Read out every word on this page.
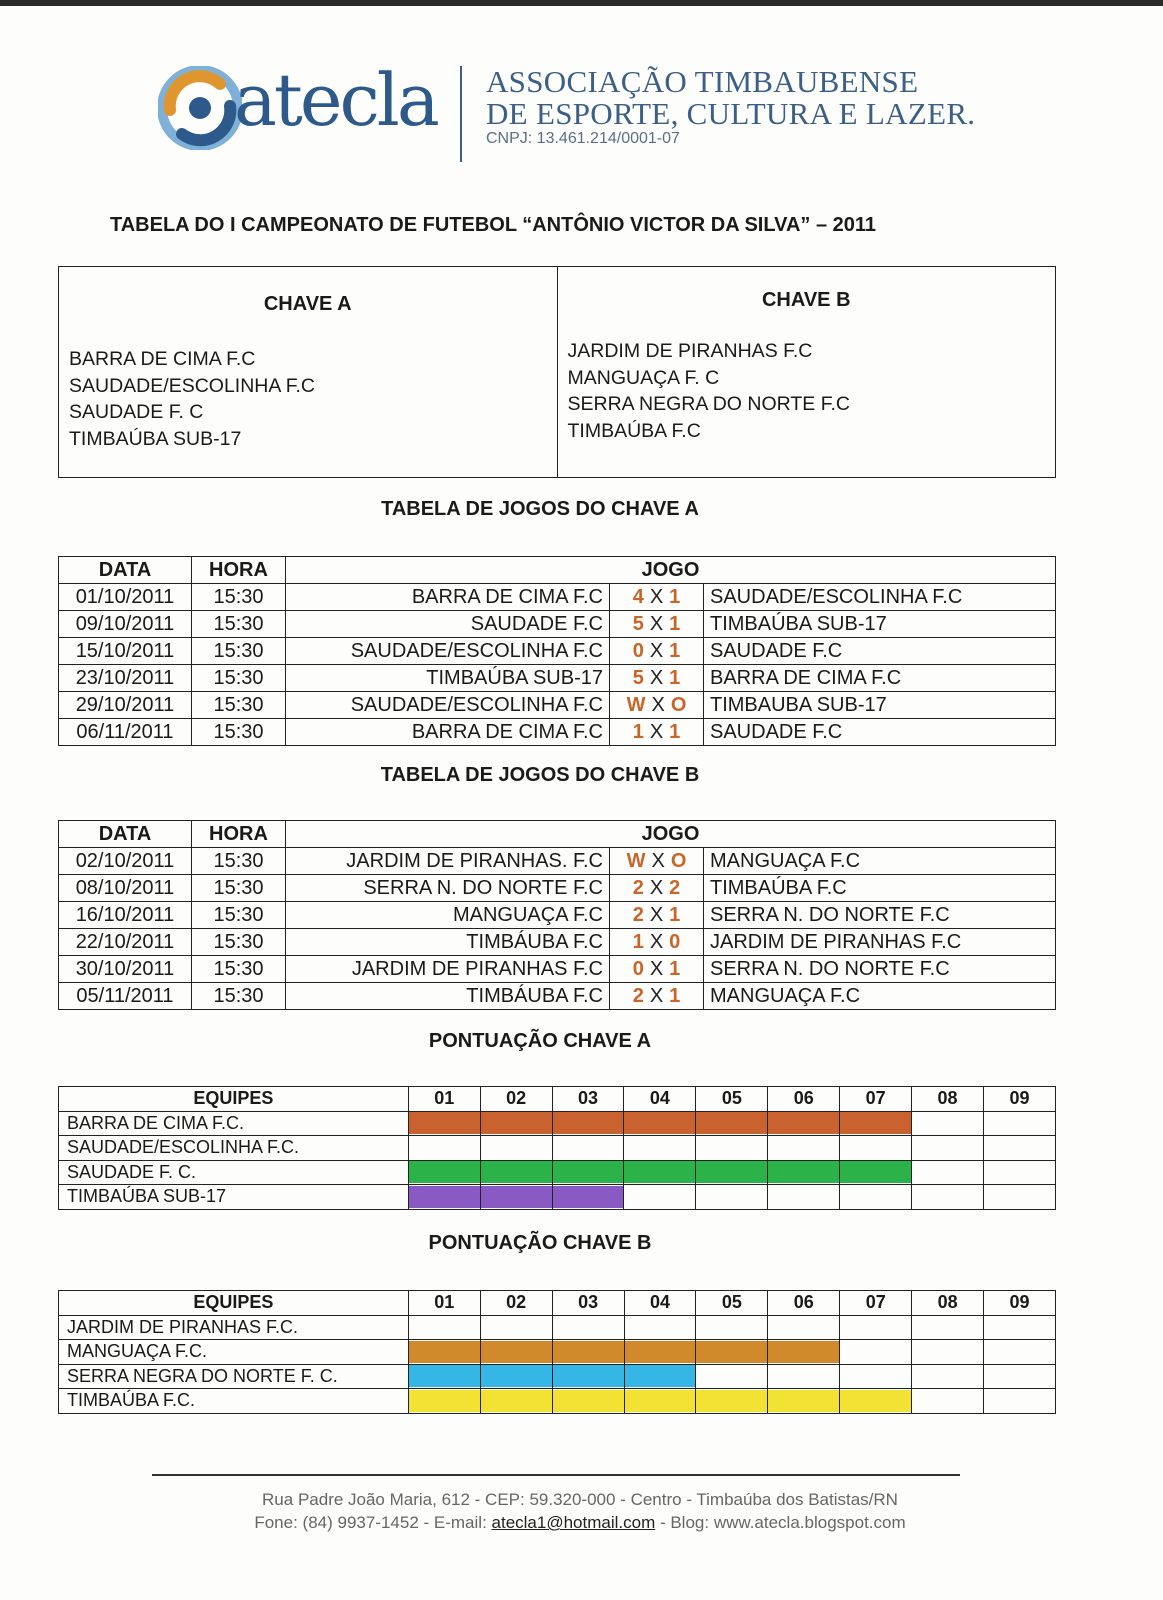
atecla ASSOCIAÇÃO TIMBAUBENSE
DE ESPORTE, CULTURA E LAZER.
CNPJ: 13.461.214/0001-07
TABELA DO I CAMPEONATO DE FUTEBOL “ANTÔNIO VICTOR DA SILVA” – 2011
CHAVE A
BARRA DE CIMA F.C
SAUDADE/ESCOLINHA F.C
SAUDADE F. C
TIMBAÚBA SUB-17
CHAVE B
JARDIM DE PIRANHAS F.C
MANGUAÇA F. C
SERRA NEGRA DO NORTE F.C
TIMBAÚBA F.C
TABELA DE JOGOS DO CHAVE A
DATA	HORA	JOGO		
01/10/2011	15:30	BARRA DE CIMA F.C	4 X 1	SAUDADE/ESCOLINHA F.C
09/10/2011	15:30	SAUDADE F.C	5 X 1	TIMBAÚBA SUB-17
15/10/2011	15:30	SAUDADE/ESCOLINHA F.C	0 X 1	SAUDADE F.C
23/10/2011	15:30	TIMBAÚBA SUB-17	5 X 1	BARRA DE CIMA F.C
29/10/2011	15:30	SAUDADE/ESCOLINHA F.C	W X O	TIMBAUBA SUB-17
06/11/2011	15:30	BARRA DE CIMA F.C	1 X 1	SAUDADE F.C
TABELA DE JOGOS DO CHAVE B
DATA	HORA	JOGO		
02/10/2011	15:30	JARDIM DE PIRANHAS. F.C	W X O	MANGUAÇA F.C
08/10/2011	15:30	SERRA N. DO NORTE F.C	2 X 2	TIMBAÚBA F.C
16/10/2011	15:30	MANGUAÇA F.C	2 X 1	SERRA N. DO NORTE F.C
22/10/2011	15:30	TIMBÁUBA F.C	1 X 0	JARDIM DE PIRANHAS F.C
30/10/2011	15:30	JARDIM DE PIRANHAS F.C	0 X 1	SERRA N. DO NORTE F.C
05/11/2011	15:30	TIMBÁUBA F.C	2 X 1	MANGUAÇA F.C
PONTUAÇÃO CHAVE A
EQUIPES	01	02	03	04	05	06	07	08	09
BARRA DE CIMA F.C.	

SAUDADE/ESCOLINHA F.C.									
SAUDADE F. C.	

TIMBAÚBA SUB-17	

PONTUAÇÃO CHAVE B
EQUIPES	01	02	03	04	05	06	07	08	09
JARDIM DE PIRANHAS F.C.									
MANGUAÇA F.C.	

SERRA NEGRA DO NORTE F. C.	

TIMBAÚBA F.C.	

Rua Padre João Maria, 612 - CEP: 59.320-000 - Centro - Timbaúba dos Batistas/RN
Fone: (84) 9937-1452 - E-mail: atecla1@hotmail.com - Blog: www.atecla.blogspot.com
